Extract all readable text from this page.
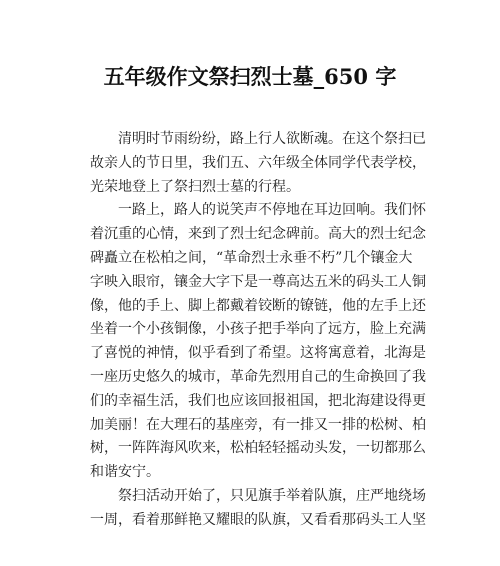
五年级作文祭扫烈士墓_650 字
清明时节雨纷纷，路上行人欲断魂。在这个祭扫已
故亲人的节日里，我们五、六年级全体同学代表学校，
光荣地登上了祭扫烈士墓的行程。
一路上，路人的说笑声不停地在耳边回响。我们怀
着沉重的心情，来到了烈士纪念碑前。高大的烈士纪念
碑矗立在松柏之间，“革命烈士永垂不朽”几个镶金大
字映入眼帘，镶金大字下是一尊高达五米的码头工人铜
像，他的手上、脚上都戴着铰断的镣链，他的左手上还
坐着一个小孩铜像，小孩子把手举向了远方，脸上充满
了喜悦的神情，似乎看到了希望。这将寓意着，北海是
一座历史悠久的城市，革命先烈用自己的生命换回了我
们的幸福生活，我们也应该回报祖国，把北海建设得更
加美丽！在大理石的基座旁，有一排又一排的松树、柏
树，一阵阵海风吹来，松柏轻轻摇动头发，一切都那么
和谐安宁。
祭扫活动开始了，只见旗手举着队旗，庄严地绕场
一周，看着那鲜艳又耀眼的队旗，又看看那码头工人坚
